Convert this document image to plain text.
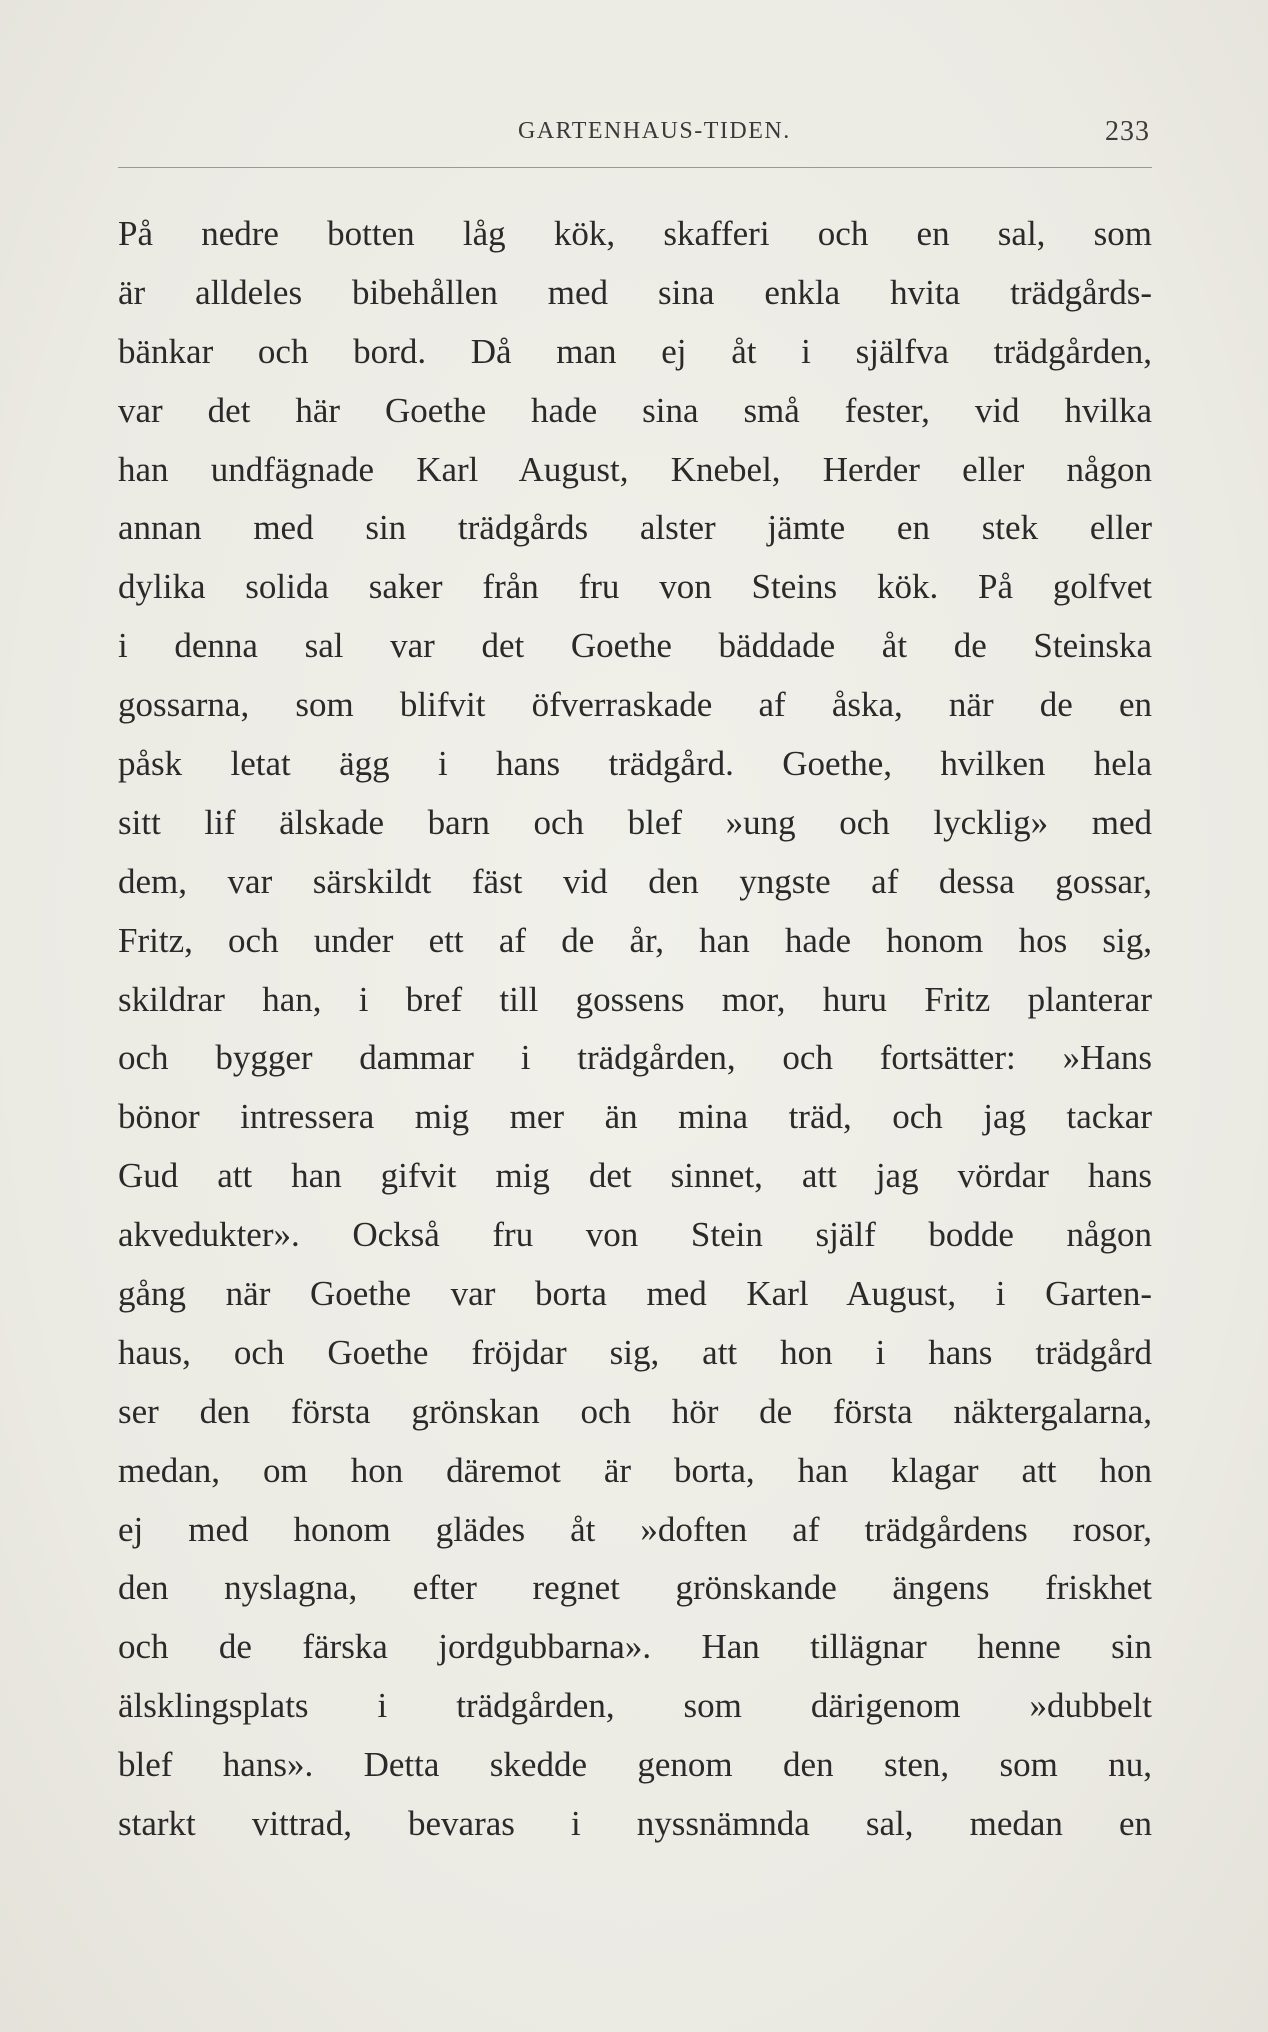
GARTENHAUS-TIDEN.	233
På nedre botten låg kök, skafferi och en sal, som
är alldeles bibehållen med sina enkla hvita trädgårds-
bänkar och bord. Då man ej åt i själfva trädgården,
var det här Goethe hade sina små fester, vid hvilka
han undfägnade Karl August, Knebel, Herder eller någon
annan med sin trädgårds alster jämte en stek eller
dylika solida saker från fru von Steins kök. På golfvet
i denna sal var det Goethe bäddade åt de Steinska
gossarna, som blifvit öfverraskade af åska, när de en
påsk letat ägg i hans trädgård. Goethe, hvilken hela
sitt lif älskade barn och blef »ung och lycklig» med
dem, var särskildt fäst vid den yngste af dessa gossar,
Fritz, och under ett af de år, han hade honom hos sig,
skildrar han, i bref till gossens mor, huru Fritz planterar
och bygger dammar i trädgården, och fortsätter: »Hans
bönor intressera mig mer än mina träd, och jag tackar
Gud att han gifvit mig det sinnet, att jag vördar hans
akvedukter». Också fru von Stein själf bodde någon
gång när Goethe var borta med Karl August, i Garten-
haus, och Goethe fröjdar sig, att hon i hans trädgård
ser den första grönskan och hör de första näktergalarna,
medan, om hon däremot är borta, han klagar att hon
ej med honom glädes åt »doften af trädgårdens rosor,
den nyslagna, efter regnet grönskande ängens friskhet
och de färska jordgubbarna». Han tillägnar henne sin
älsklingsplats i trädgården, som därigenom »dubbelt
blef hans». Detta skedde genom den sten, som nu,
starkt vittrad, bevaras i nyssnämnda sal, medan en
